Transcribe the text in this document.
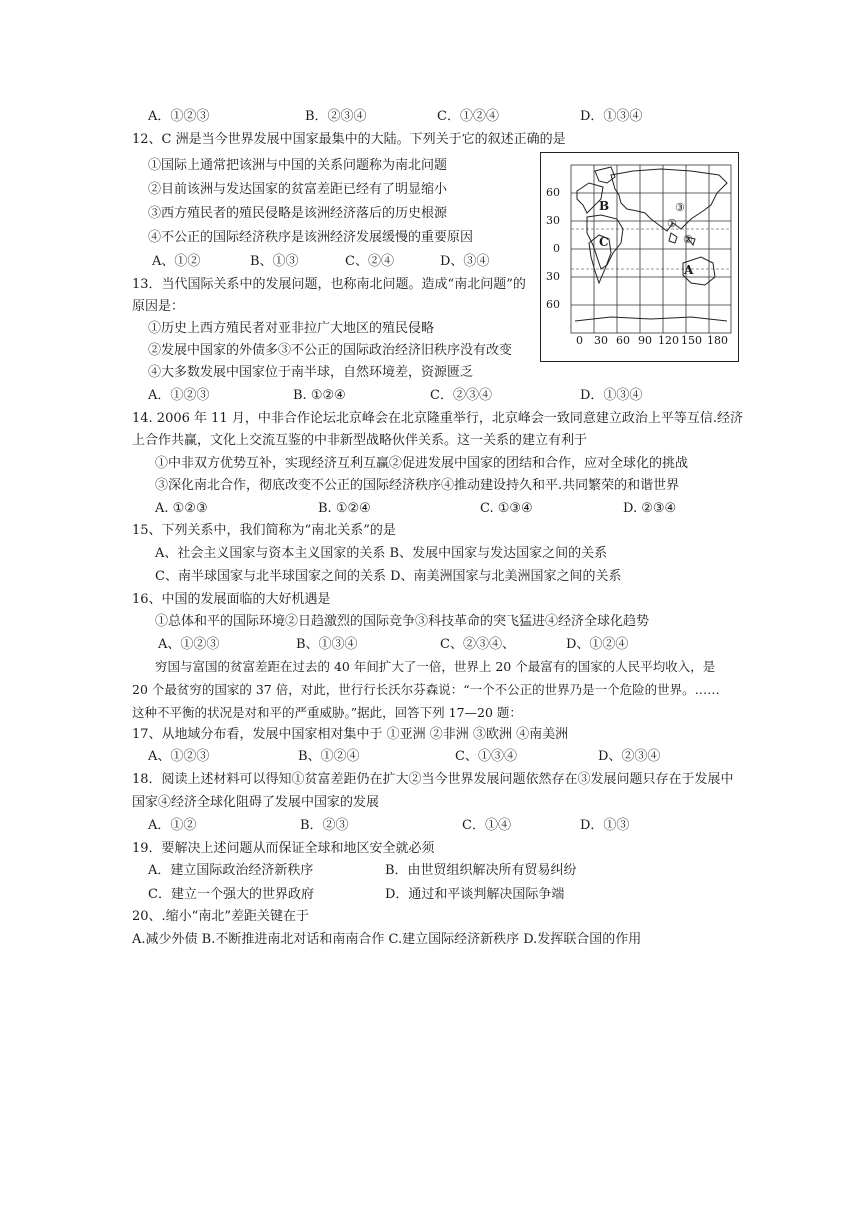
A．①②③	B．②③④	C．①②④	D．①③④
12、C 洲是当今世界发展中国家最集中的大陆。下列关于它的叙述正确的是
①国际上通常把该洲与中国的关系问题称为南北问题
②目前该洲与发达国家的贫富差距已经有了明显缩小
③西方殖民者的殖民侵略是该洲经济落后的历史根源
④不公正的国际经济秩序是该洲经济发展缓慢的重要原因
A、①②	B、①③	C、②④	D、③④
60
30
0
30
60
0 30 60 90 120 150 180
B
C
A
①
②
③
13．当代国际关系中的发展问题，也称南北问题。造成“南北问题”的
原因是：
①历史上西方殖民者对亚非拉广大地区的殖民侵略
②发展中国家的外债多③不公正的国际政治经济旧秩序没有改变
④大多数发展中国家位于南半球，自然环境差，资源匮乏
A．①②③	B. ①②④	C．②③④	D．①③④
14. 2006 年 11 月，中非合作论坛北京峰会在北京隆重举行，北京峰会一致同意建立政治上平等互信.经济
上合作共赢，文化上交流互鉴的中非新型战略伙伴关系。这一关系的建立有利于
①中非双方优势互补，实现经济互利互赢②促进发展中国家的团结和合作，应对全球化的挑战
③深化南北合作，彻底改变不公正的国际经济秩序④推动建设持久和平.共同繁荣的和谐世界
A. ①②③	B. ①②④	C. ①③④	D. ②③④
15、下列关系中，我们简称为“南北关系”的是
A、社会主义国家与资本主义国家的关系 B、发展中国家与发达国家之间的关系
C、南半球国家与北半球国家之间的关系 D、南美洲国家与北美洲国家之间的关系
16、中国的发展面临的大好机遇是
①总体和平的国际环境②日趋激烈的国际竞争③科技革命的突飞猛进④经济全球化趋势
A、①②③	B、①③④	C、②③④、	D、①②④
穷国与富国的贫富差距在过去的 40 年间扩大了一倍，世界上 20 个最富有的国家的人民平均收入，是
20 个最贫穷的国家的 37 倍，对此，世行行长沃尔芬森说：“一个不公正的世界乃是一个危险的世界。……
这种不平衡的状况是对和平的严重威胁。”据此，回答下列 17—20 题：
17、从地域分布看，发展中国家相对集中于 ①亚洲 ②非洲 ③欧洲 ④南美洲
A、①②③	B、①②④	C、①③④	D、②③④
18．阅读上述材料可以得知①贫富差距仍在扩大②当今世界发展问题依然存在③发展问题只存在于发展中
国家④经济全球化阻碍了发展中国家的发展
A．①②	B．②③	C．①④	D．①③
19．要解决上述问题从而保证全球和地区安全就必须
A．建立国际政治经济新秩序	B．由世贸组织解决所有贸易纠纷
C．建立一个强大的世界政府	D．通过和平谈判解决国际争端
20、.缩小“南北”差距关键在于
A.减少外债 B.不断推进南北对话和南南合作 C.建立国际经济新秩序 D.发挥联合国的作用
